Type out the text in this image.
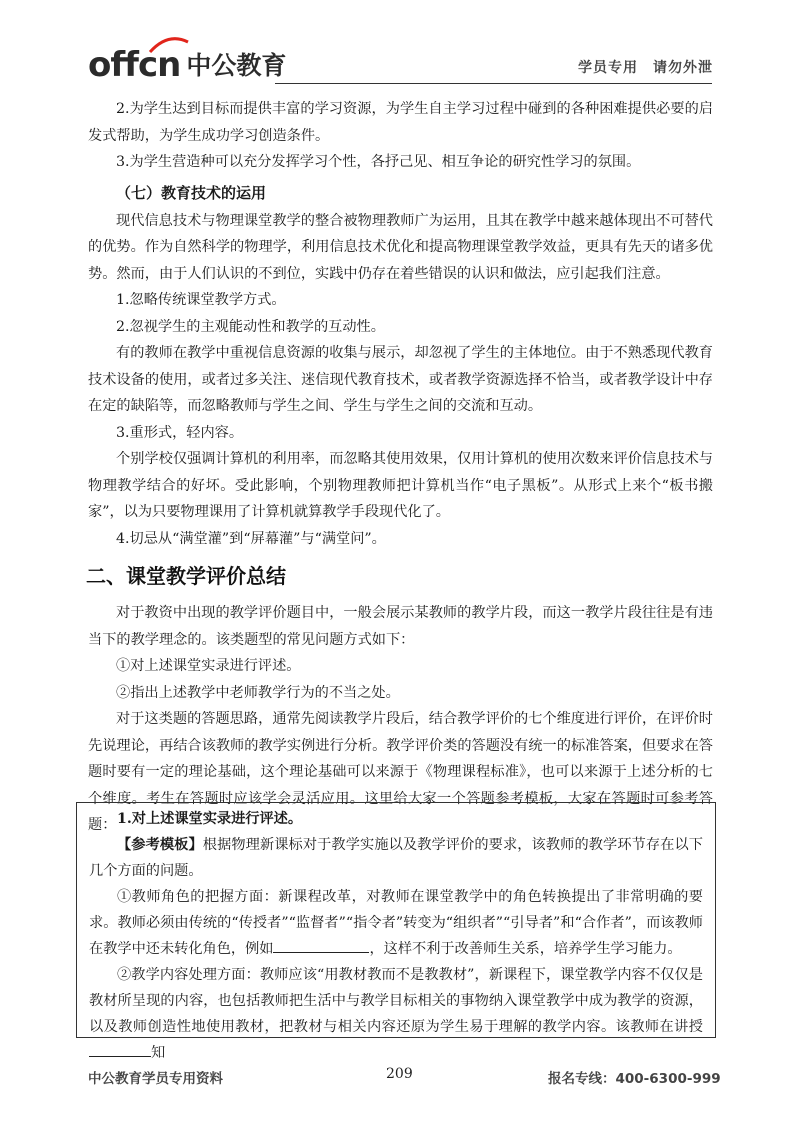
offcn 中公教育	学员专用　请勿外泄

2.为学生达到目标而提供丰富的学习资源，为学生自主学习过程中碰到的各种困难提供必要的启发式帮助，为学生成功学习创造条件。

3.为学生营造种可以充分发挥学习个性，各抒己见、相互争论的研究性学习的氛围。

（七）教育技术的运用

现代信息技术与物理课堂教学的整合被物理教师广为运用，且其在教学中越来越体现出不可替代的优势。作为自然科学的物理学，利用信息技术优化和提高物理课堂教学效益，更具有先天的诸多优势。然而，由于人们认识的不到位，实践中仍存在着些错误的认识和做法，应引起我们注意。

1.忽略传统课堂教学方式。

2.忽视学生的主观能动性和教学的互动性。

有的教师在教学中重视信息资源的收集与展示，却忽视了学生的主体地位。由于不熟悉现代教育技术设备的使用，或者过多关注、迷信现代教育技术，或者教学资源选择不恰当，或者教学设计中存在定的缺陷等，而忽略教师与学生之间、学生与学生之间的交流和互动。

3.重形式，轻内容。

个别学校仅强调计算机的利用率，而忽略其使用效果，仅用计算机的使用次数来评价信息技术与物理教学结合的好坏。受此影响，个别物理教师把计算机当作“电子黑板”。从形式上来个“板书搬家”，以为只要物理课用了计算机就算教学手段现代化了。

4.切忌从“满堂灌”到“屏幕灌”与“满堂问”。

二、课堂教学评价总结

对于教资中出现的教学评价题目中，一般会展示某教师的教学片段，而这一教学片段往往是有违当下的教学理念的。该类题型的常见问题方式如下：

①对上述课堂实录进行评述。

②指出上述教学中老师教学行为的不当之处。

对于这类题的答题思路，通常先阅读教学片段后，结合教学评价的七个维度进行评价，在评价时先说理论，再结合该教师的教学实例进行分析。教学评价类的答题没有统一的标准答案，但要求在答题时要有一定的理论基础，这个理论基础可以来源于《物理课程标准》，也可以来源于上述分析的七个维度。考生在答题时应该学会灵活应用。这里给大家一个答题参考模板，大家在答题时可参考答题： 1.对上述课堂实录进行评述。

【参考模板】根据物理新课标对于教学实施以及教学评价的要求，该教师的教学环节存在以下几个方面的问题。

①教师角色的把握方面：新课程改革，对教师在课堂教学中的角色转换提出了非常明确的要求。教师必须由传统的“传授者”“监督者”“指令者”转变为“组织者”“引导者”和“合作者”，而该教师在教学中还未转化角色，例如	，这样不利于改善师生关系，培养学生学习能力。

②教学内容处理方面：教师应该“用教材教而不是教教材”，新课程下，课堂教学内容不仅仅是教材所呈现的内容，也包括教师把生活中与教学目标相关的事物纳入课堂教学中成为教学的资源，以及教师创造性地使用教材，把教材与相关内容还原为学生易于理解的教学内容。该教师在讲授知

中公教育学员专用资料	209	报名专线：400-6300-999
